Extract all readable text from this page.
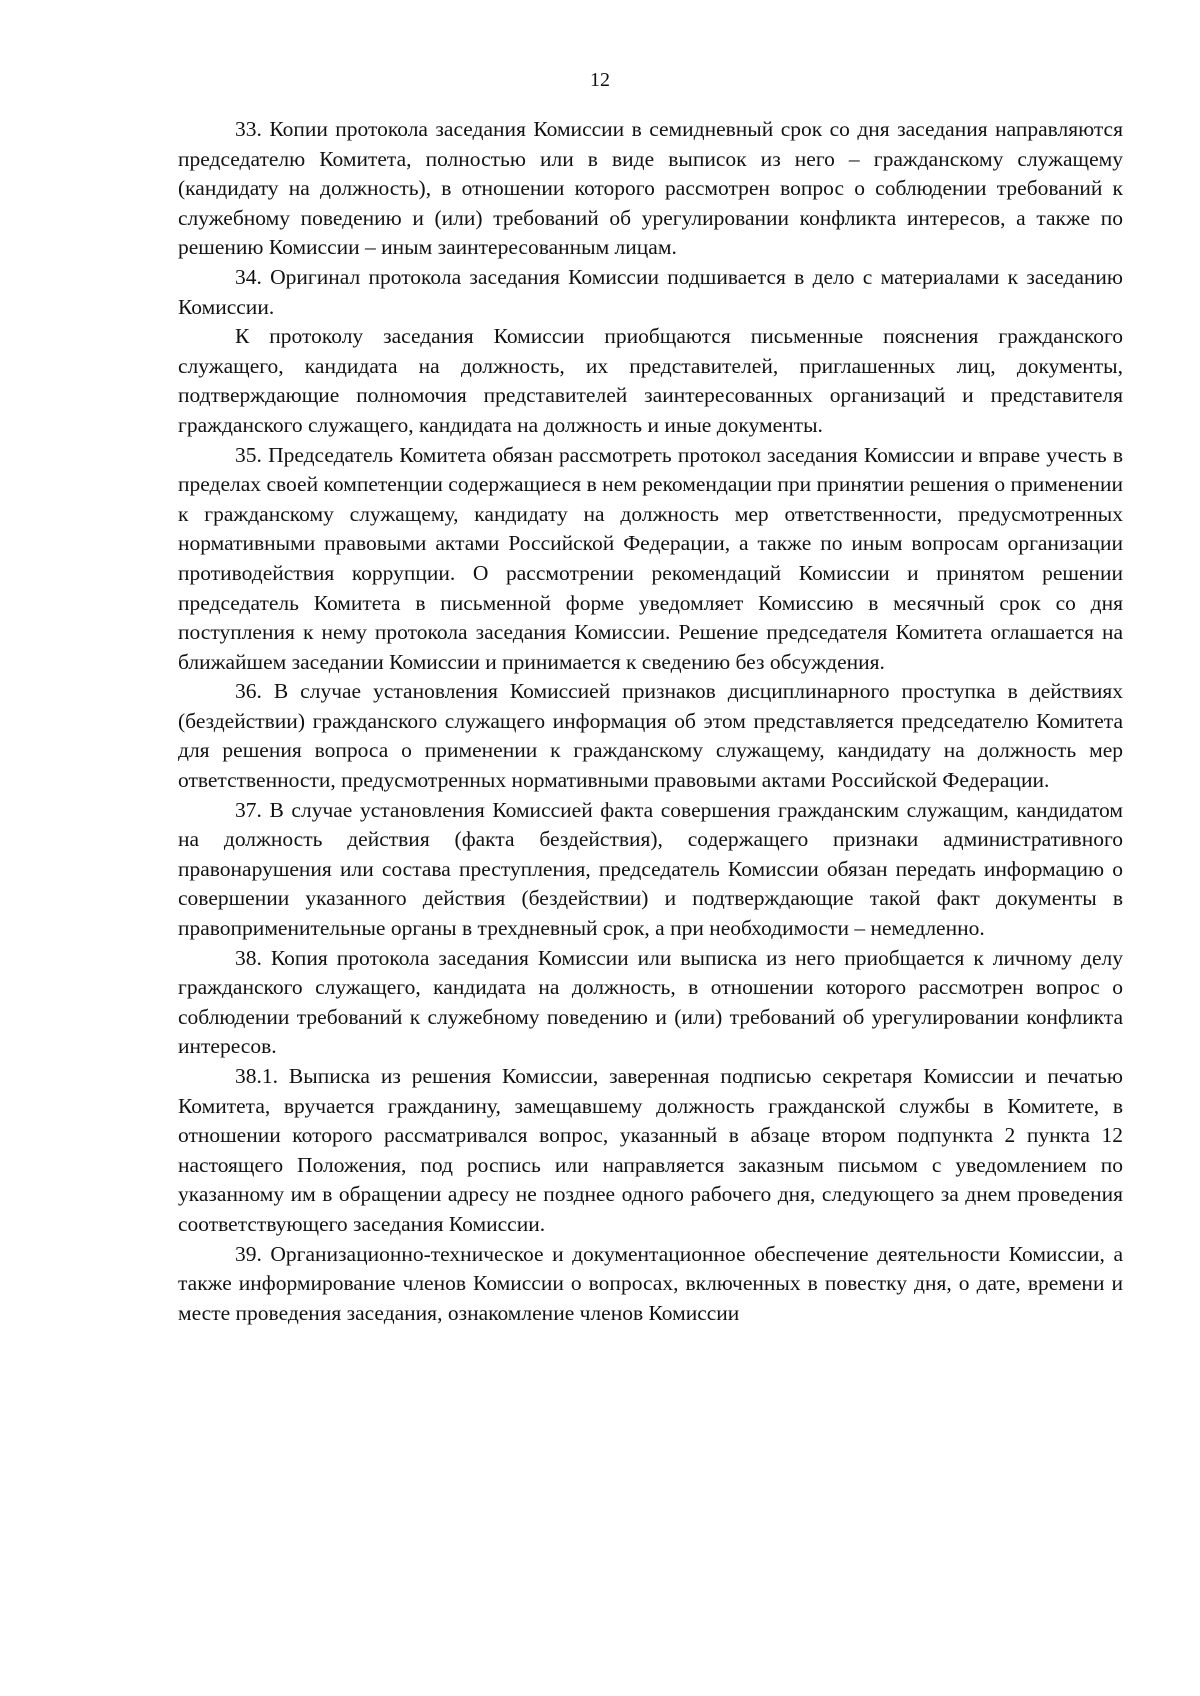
12

33. Копии протокола заседания Комиссии в семидневный срок со дня заседания направляются председателю Комитета, полностью или в виде выписок из него – гражданскому служащему (кандидату на должность), в отношении которого рассмотрен вопрос о соблюдении требований к служебному поведению и (или) требований об урегулировании конфликта интересов, а также по решению Комиссии – иным заинтересованным лицам.

34. Оригинал протокола заседания Комиссии подшивается в дело с материалами к заседанию Комиссии.

К протоколу заседания Комиссии приобщаются письменные пояснения гражданского служащего, кандидата на должность, их представителей, приглашенных лиц, документы, подтверждающие полномочия представителей заинтересованных организаций и представителя гражданского служащего, кандидата на должность и иные документы.

35. Председатель Комитета обязан рассмотреть протокол заседания Комиссии и вправе учесть в пределах своей компетенции содержащиеся в нем рекомендации при принятии решения о применении к гражданскому служащему, кандидату на должность мер ответственности, предусмотренных нормативными правовыми актами Российской Федерации, а также по иным вопросам организации противодействия коррупции. О рассмотрении рекомендаций Комиссии и принятом решении председатель Комитета в письменной форме уведомляет Комиссию в месячный срок со дня поступления к нему протокола заседания Комиссии. Решение председателя Комитета оглашается на ближайшем заседании Комиссии и принимается к сведению без обсуждения.

36. В случае установления Комиссией признаков дисциплинарного проступка в действиях (бездействии) гражданского служащего информация об этом представляется председателю Комитета для решения вопроса о применении к гражданскому служащему, кандидату на должность мер ответственности, предусмотренных нормативными правовыми актами Российской Федерации.

37. В случае установления Комиссией факта совершения гражданским служащим, кандидатом на должность действия (факта бездействия), содержащего признаки административного правонарушения или состава преступления, председатель Комиссии обязан передать информацию о совершении указанного действия (бездействии) и подтверждающие такой факт документы в правоприменительные органы в трехдневный срок, а при необходимости – немедленно.

38. Копия протокола заседания Комиссии или выписка из него приобщается к личному делу гражданского служащего, кандидата на должность, в отношении которого рассмотрен вопрос о соблюдении требований к служебному поведению и (или) требований об урегулировании конфликта интересов.

38.1. Выписка из решения Комиссии, заверенная подписью секретаря Комиссии и печатью Комитета, вручается гражданину, замещавшему должность гражданской службы в Комитете, в отношении которого рассматривался вопрос, указанный в абзаце втором подпункта 2 пункта 12 настоящего Положения, под роспись или направляется заказным письмом с уведомлением по указанному им в обращении адресу не позднее одного рабочего дня, следующего за днем проведения соответствующего заседания Комиссии.

39. Организационно-техническое и документационное обеспечение деятельности Комиссии, а также информирование членов Комиссии о вопросах, включенных в повестку дня, о дате, времени и месте проведения заседания, ознакомление членов Комиссии
